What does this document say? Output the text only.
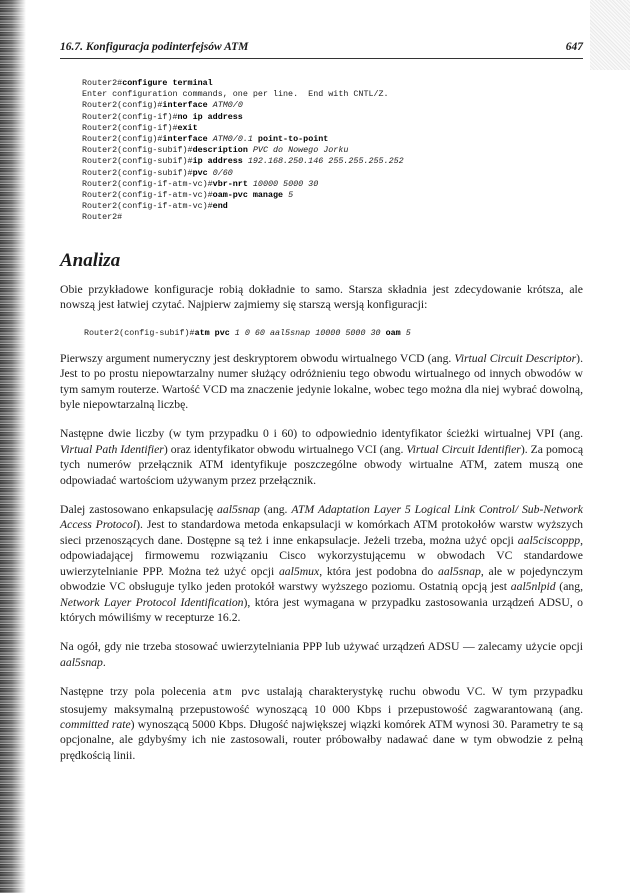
16.7. Konfiguracja podinterfejsów ATM	647
Router2#configure terminal
Enter configuration commands, one per line.  End with CNTL/Z.
Router2(config)#interface ATM0/0
Router2(config-if)#no ip address
Router2(config-if)#exit
Router2(config)#interface ATM0/0.1 point-to-point
Router2(config-subif)#description PVC do Nowego Jorku
Router2(config-subif)#ip address 192.168.250.146 255.255.255.252
Router2(config-subif)#pvc 0/60
Router2(config-if-atm-vc)#vbr-nrt 10000 5000 30
Router2(config-if-atm-vc)#oam-pvc manage 5
Router2(config-if-atm-vc)#end
Router2#
Analiza

Obie przykładowe konfiguracje robią dokładnie to samo. Starsza składnia jest zdecydowanie krótsza, ale nowszą jest łatwiej czytać. Najpierw zajmiemy się starszą wersją konfiguracji:

Router2(config-subif)#atm pvc 1 0 60 aal5snap 10000 5000 30 oam 5

Pierwszy argument numeryczny jest deskryptorem obwodu wirtualnego VCD (ang. Virtual Circuit Descriptor). Jest to po prostu niepowtarzalny numer służący odróżnieniu tego obwodu wirtualnego od innych obwodów w tym samym routerze. Wartość VCD ma znaczenie jedynie lokalne, wobec tego można dla niej wybrać dowolną, byle niepowtarzalną liczbę.

Następne dwie liczby (w tym przypadku 0 i 60) to odpowiednio identyfikator ścieżki wirtualnej VPI (ang. Virtual Path Identifier) oraz identyfikator obwodu wirtualnego VCI (ang. Virtual Circuit Identifier). Za pomocą tych numerów przełącznik ATM identyfikuje poszczególne obwody wirtualne ATM, zatem muszą one odpowiadać wartościom używanym przez przełącznik.

Dalej zastosowano enkapsulację aal5snap (ang. ATM Adaptation Layer 5 Logical Link Control/ Sub-Network Access Protocol). Jest to standardowa metoda enkapsulacji w komórkach ATM protokołów warstw wyższych sieci przenoszących dane. Dostępne są też i inne enkapsulacje. Jeżeli trzeba, można użyć opcji aal5ciscoppp, odpowiadającej firmowemu rozwiązaniu Cisco wykorzystującemu w obwodach VC standardowe uwierzytelnianie PPP. Można też użyć opcji aal5mux, która jest podobna do aal5snap, ale w pojedynczym obwodzie VC obsługuje tylko jeden protokół warstwy wyższego poziomu. Ostatnią opcją jest aal5nlpid (ang, Network Layer Protocol Identification), która jest wymagana w przypadku zastosowania urządzeń ADSU, o których mówiliśmy w recepturze 16.2.

Na ogół, gdy nie trzeba stosować uwierzytelniania PPP lub używać urządzeń ADSU — zalecamy użycie opcji aal5snap.

Następne trzy pola polecenia atm pvc ustalają charakterystykę ruchu obwodu VC. W tym przypadku stosujemy maksymalną przepustowość wynoszącą 10 000 Kbps i przepustowość zagwarantowaną (ang. committed rate) wynoszącą 5000 Kbps. Długość największej wiązki komórek ATM wynosi 30. Parametry te są opcjonalne, ale gdybyśmy ich nie zastosowali, router próbowałby nadawać dane w tym obwodzie z pełną prędkością linii.
